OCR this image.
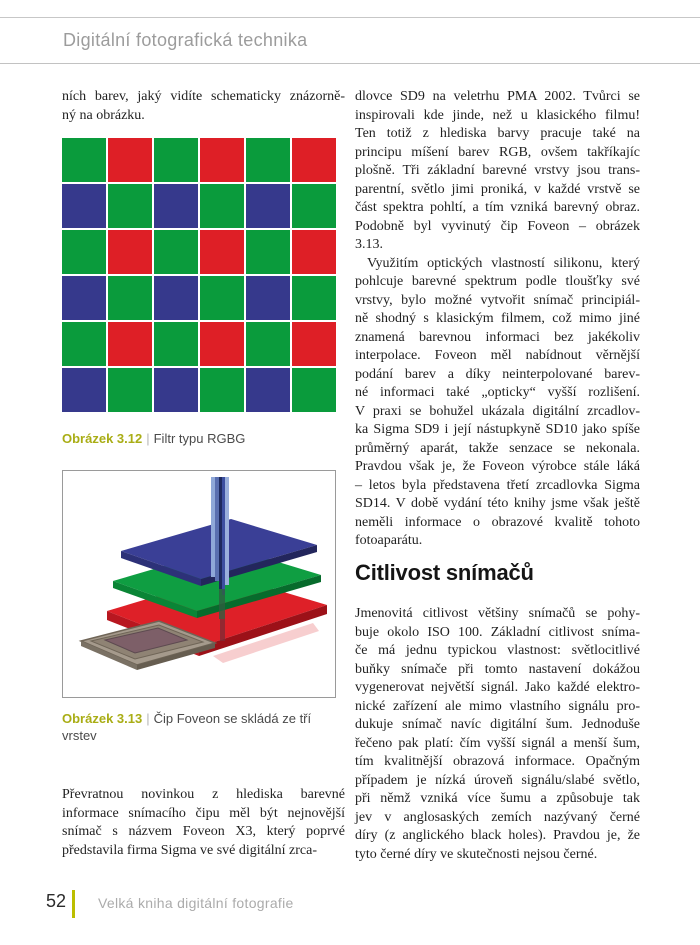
Digitální fotografická technika
ních barev, jaký vidíte schematicky znázorně-
ný na obrázku.
Obrázek 3.12 | Filtr typu RGBG
Obrázek 3.13 | Čip Foveon se skládá ze tří vrstev
Převratnou novinkou z hlediska barevné
informace snímacího čipu měl být nejnovější
snímač s názvem Foveon X3, který poprvé
představila firma Sigma ve své digitální zrca-
dlovce SD9 na veletrhu PMA 2002. Tvůrci se
inspirovali kde jinde, než u klasického filmu!
Ten totiž z hlediska barvy pracuje také na
principu míšení barev RGB, ovšem takříkajíc
plošně. Tři základní barevné vrstvy jsou trans-
parentní, světlo jimi proniká, v každé vrstvě se
část spektra pohltí, a tím vzniká barevný obraz.
Podobně byl vyvinutý čip Foveon – obrázek
3.13.
Využitím optických vlastností silikonu, který
pohlcuje barevné spektrum podle tloušťky své
vrstvy, bylo možné vytvořit snímač principiál-
ně shodný s klasickým filmem, což mimo jiné
znamená barevnou informaci bez jakékoliv
interpolace. Foveon měl nabídnout věrnější
podání barev a díky neinterpolované barev-
né informaci také „opticky“ vyšší rozlišení.
V praxi se bohužel ukázala digitální zrcadlov-
ka Sigma SD9 i její nástupkyně SD10 jako spíše
průměrný aparát, takže senzace se nekonala.
Pravdou však je, že Foveon výrobce stále láká
– letos byla představena třetí zrcadlovka Sigma
SD14. V době vydání této knihy jsme však ještě
neměli informace o obrazové kvalitě tohoto
fotoaparátu.
Citlivost snímačů
Jmenovitá citlivost většiny snímačů se pohy-
buje okolo ISO 100. Základní citlivost sníma-
če má jednu typickou vlastnost: světlocitlivé
buňky snímače při tomto nastavení dokážou
vygenerovat největší signál. Jako každé elektro-
nické zařízení ale mimo vlastního signálu pro-
dukuje snímač navíc digitální šum. Jednoduše
řečeno pak platí: čím vyšší signál a menší šum,
tím kvalitnější obrazová informace. Opačným
případem je nízká úroveň signálu/slabé světlo,
při němž vzniká více šumu a způsobuje tak
jev v anglosaských zemích nazývaný černé
díry (z anglického black holes). Pravdou je, že
tyto černé díry ve skutečnosti nejsou černé.
52 Velká kniha digitální fotografie
